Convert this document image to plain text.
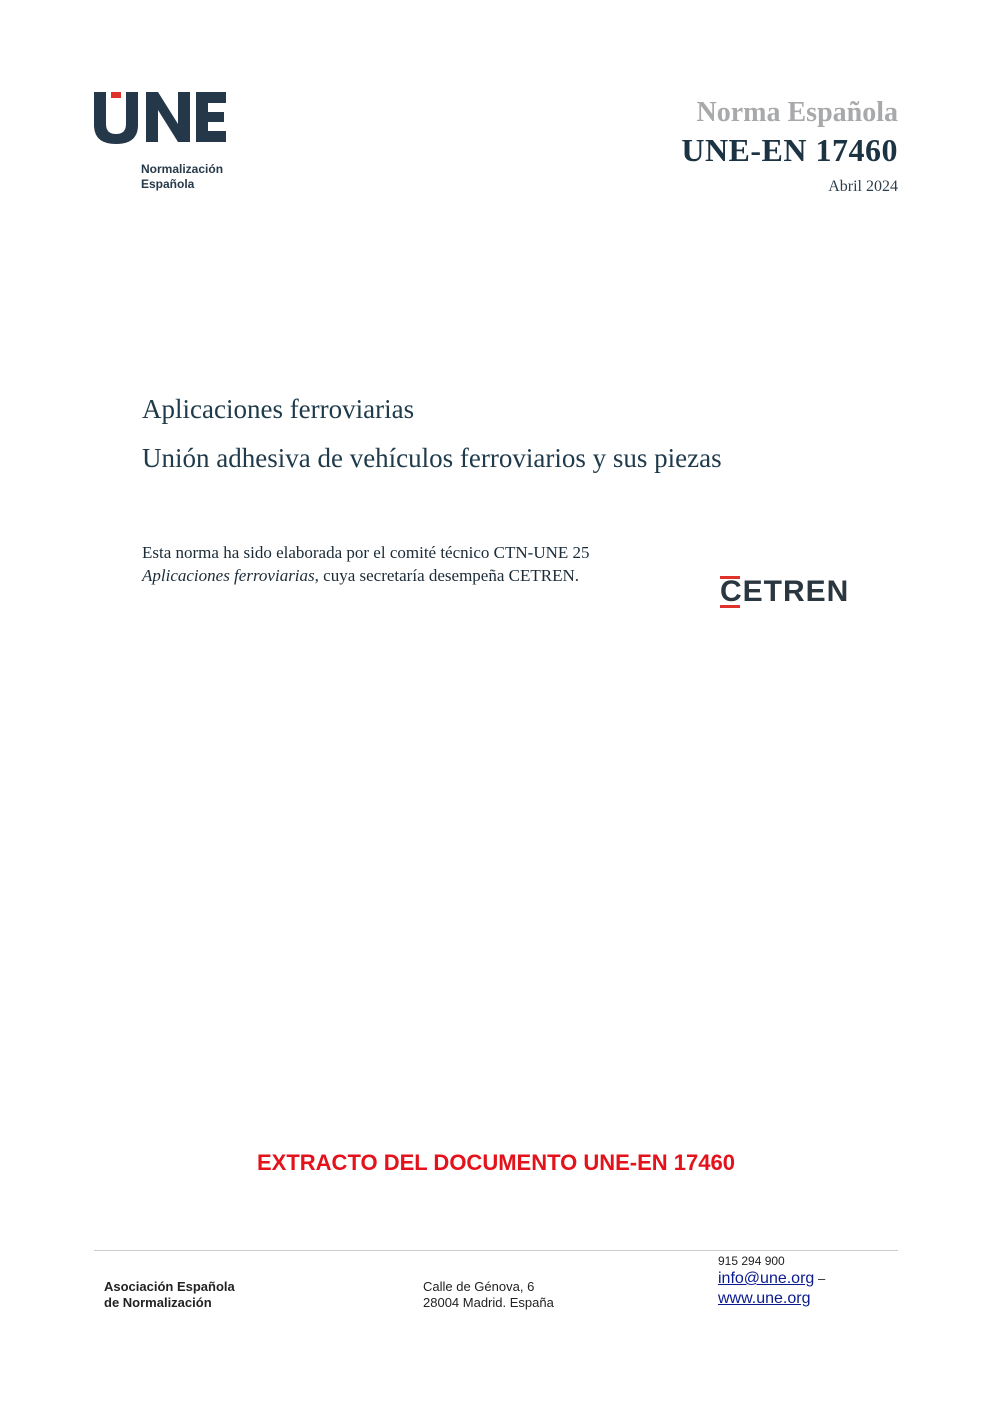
Normalización
Española
Norma Española
UNE-EN 17460
Abril 2024
Aplicaciones ferroviarias
Unión adhesiva de vehículos ferroviarios y sus piezas
Esta norma ha sido elaborada por el comité técnico CTN-UNE 25 Aplicaciones ferroviarias, cuya secretaría desempeña CETREN.	CETREN
EXTRACTO DEL DOCUMENTO UNE-EN 17460
Asociación Española
de Normalización
Calle de Génova, 6
28004 Madrid. España
915 294 900
info@une.org –
www.une.org
